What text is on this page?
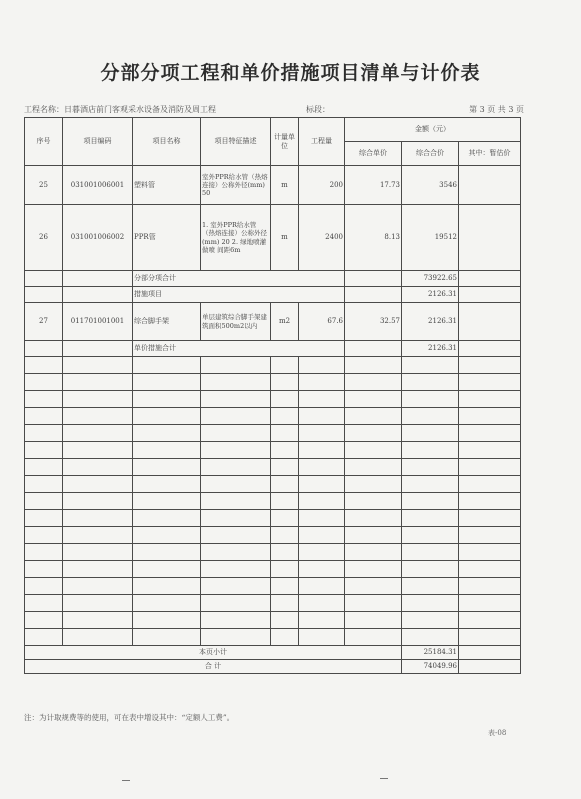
分部分项工程和单价措施项目清单与计价表
工程名称：日暮酒店前门客观采水设备及消防及周工程	标段：	第 3 页 共 3 页
序号	项目编码	项目名称	项目特征描述	计量单位	工程量	金额（元）		
						综合单价	综合合价	其中：暂估价
25	031001006001	塑料管	室外PPR给水管（热熔连接）公称外径(mm) 50	m	200	17.73	3546	
26	031001006002	PPR管	1. 室外PPR给水管（热熔连接）公称外径(mm) 20 2. 绿地喷灌 做喷 间距6m	m	2400	8.13	19512	
		分部分项合计					73922.65	
		措施项目					2126.31	
27	011701001001	综合脚手架	单层建筑综合脚手架建筑面积500m2以内	m2	67.6	32.57	2126.31	
		单价措施合计					2126.31	

本页小计							25184.31	
合 计							74049.96	
注：为计取规费等的使用，可在表中增设其中：“定额人工费”。
表-08
